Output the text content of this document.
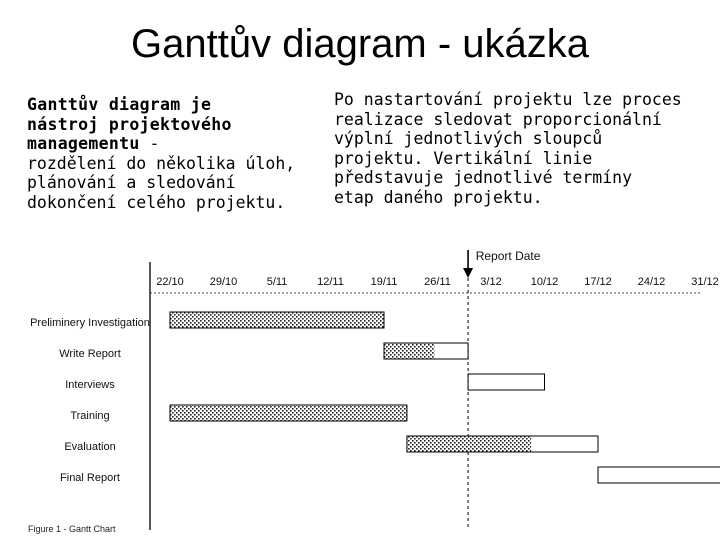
Ganttův diagram - ukázka
Ganttův diagram je
nástroj projektového
managementu -
rozdělení do několika úloh,
plánování a sledování
dokončení celého projektu.
Po nastartování projektu lze proces
realizace sledovat proporcionální
výplní jednotlivých sloupců
projektu. Vertikální linie
představuje jednotlivé termíny
etap daného projektu.
22/10 29/10	5/11	12/11 19/11 26/11	3/12	10/12 17/12 24/12 31/12
Report Date
Preliminery Investigation
Write Report
Interviews
Training
Evaluation
Final Report
Figure 1 - Gantt Chart
